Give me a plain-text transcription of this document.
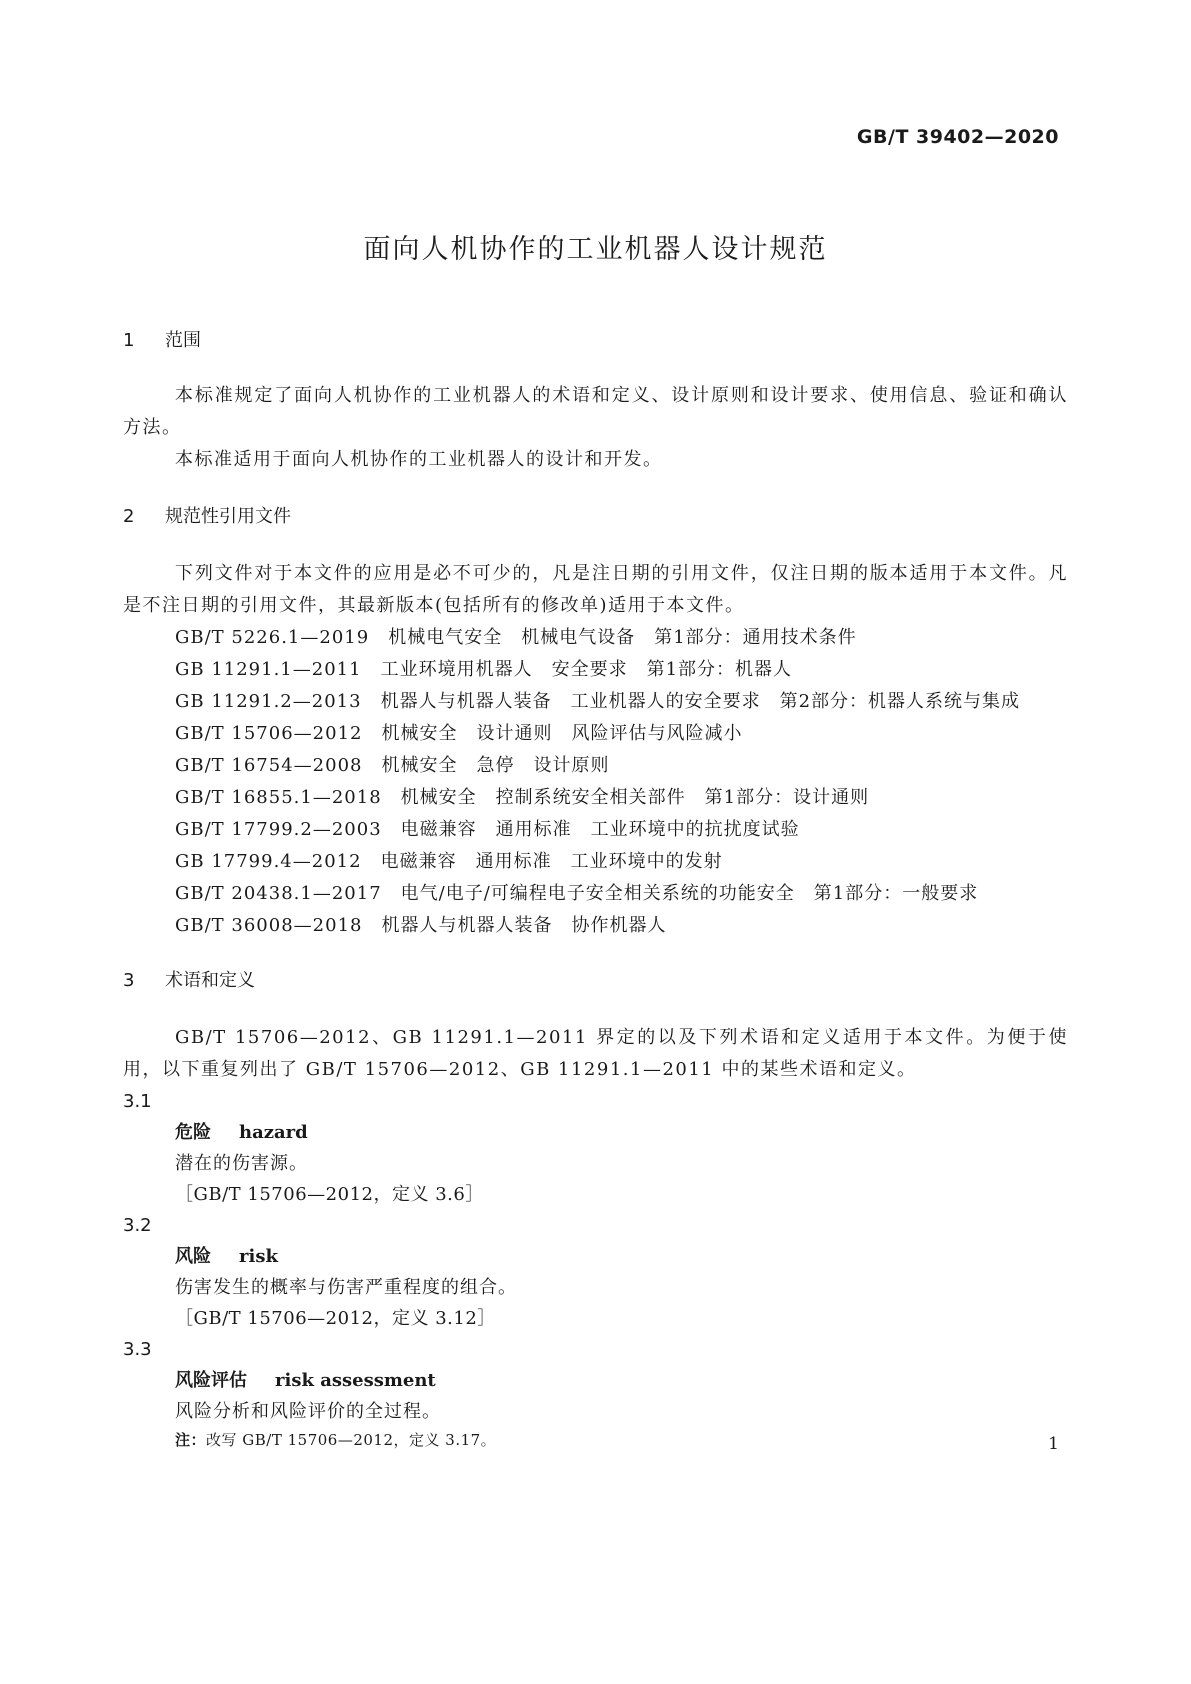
GB/T 39402—2020
面向人机协作的工业机器人设计规范
1 范围
本标准规定了面向人机协作的工业机器人的术语和定义、设计原则和设计要求、使用信息、验证和确认方法。
本标准适用于面向人机协作的工业机器人的设计和开发。
2 规范性引用文件
下列文件对于本文件的应用是必不可少的，凡是注日期的引用文件，仅注日期的版本适用于本文件。凡是不注日期的引用文件，其最新版本(包括所有的修改单)适用于本文件。
GB/T 5226.1—2019　机械电气安全　机械电气设备　第1部分：通用技术条件
GB 11291.1—2011　工业环境用机器人　安全要求　第1部分：机器人
GB 11291.2—2013　机器人与机器人装备　工业机器人的安全要求　第2部分：机器人系统与集成
GB/T 15706—2012　机械安全　设计通则　风险评估与风险减小
GB/T 16754—2008　机械安全　急停　设计原则
GB/T 16855.1—2018　机械安全　控制系统安全相关部件　第1部分：设计通则
GB/T 17799.2—2003　电磁兼容　通用标准　工业环境中的抗扰度试验
GB 17799.4—2012　电磁兼容　通用标准　工业环境中的发射
GB/T 20438.1—2017　电气/电子/可编程电子安全相关系统的功能安全　第1部分：一般要求
GB/T 36008—2018　机器人与机器人装备　协作机器人
3 术语和定义
GB/T 15706—2012、GB 11291.1—2011 界定的以及下列术语和定义适用于本文件。为便于使用，以下重复列出了 GB/T 15706—2012、GB 11291.1—2011 中的某些术语和定义。
3.1
危险 hazard
潜在的伤害源。
［GB/T 15706—2012，定义 3.6］
3.2
风险 risk
伤害发生的概率与伤害严重程度的组合。
［GB/T 15706—2012，定义 3.12］
3.3
风险评估 risk assessment
风险分析和风险评价的全过程。
注：改写 GB/T 15706—2012，定义 3.17。	1
